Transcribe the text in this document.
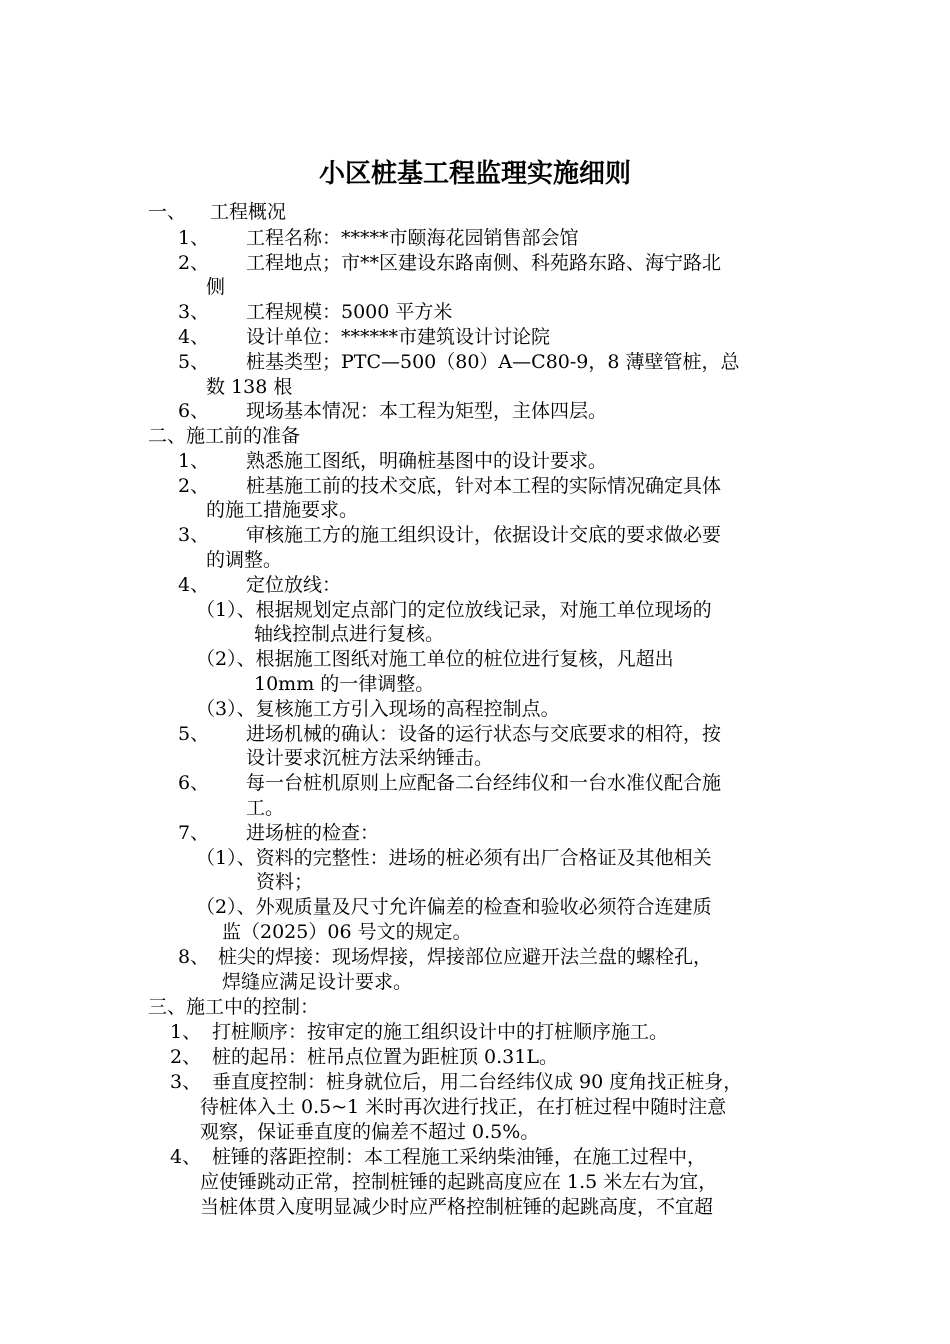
小区桩基工程监理实施细则
一、 工程概况
1、 工程名称：*****市颐海花园销售部会馆
2、 工程地点；市**区建设东路南侧、科苑路东路、海宁路北
侧
3、 工程规模：5000 平方米
4、 设计单位：******市建筑设计讨论院
5、 桩基类型；PTC—500（80）A—C80-9，8 薄壁管桩，总
数 138 根
6、 现场基本情况：本工程为矩型，主体四层。
二、施工前的准备
1、 熟悉施工图纸，明确桩基图中的设计要求。
2、 桩基施工前的技术交底，针对本工程的实际情况确定具体
的施工措施要求。
3、 审核施工方的施工组织设计，依据设计交底的要求做必要
的调整。
4、 定位放线：
（1）、根据规划定点部门的定位放线记录，对施工单位现场的
轴线控制点进行复核。
（2）、根据施工图纸对施工单位的桩位进行复核，凡超出
10mm 的一律调整。
（3）、复核施工方引入现场的高程控制点。
5、 进场机械的确认：设备的运行状态与交底要求的相符，按
设计要求沉桩方法采纳锤击。
6、 每一台桩机原则上应配备二台经纬仪和一台水准仪配合施
工。
7、 进场桩的检查：
（1）、资料的完整性：进场的桩必须有出厂合格证及其他相关
资料；
（2）、外观质量及尺寸允许偏差的检查和验收必须符合连建质
监（2025）06 号文的规定。
8、 桩尖的焊接：现场焊接，焊接部位应避开法兰盘的螺栓孔，
焊缝应满足设计要求。
三、施工中的控制：
1、 打桩顺序：按审定的施工组织设计中的打桩顺序施工。
2、 桩的起吊：桩吊点位置为距桩顶 0.31L。
3、 垂直度控制：桩身就位后，用二台经纬仪成 90 度角找正桩身，
待桩体入土 0.5~1 米时再次进行找正，在打桩过程中随时注意
观察，保证垂直度的偏差不超过 0.5%。
4、 桩锤的落距控制：本工程施工采纳柴油锤，在施工过程中，
应使锤跳动正常，控制桩锤的起跳高度应在 1.5 米左右为宜，
当桩体贯入度明显减少时应严格控制桩锤的起跳高度，不宜超
